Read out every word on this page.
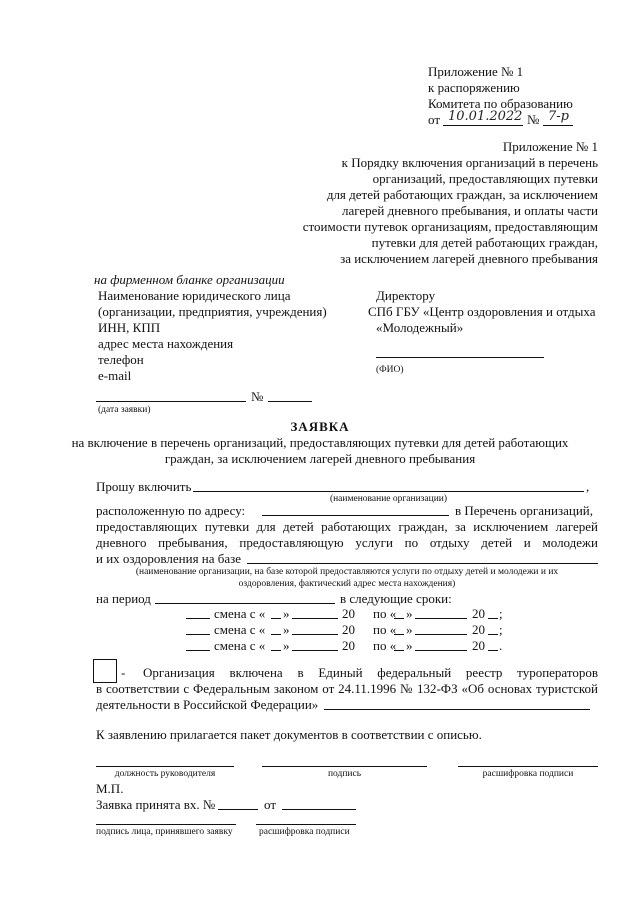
Приложение № 1
к распоряжению
Комитета по образованию
от 10.01.2022 № 7-р
Приложение № 1
к Порядку включения организаций в перечень
организаций, предоставляющих путевки
для детей работающих граждан, за исключением
лагерей дневного пребывания, и оплаты части
стоимости путевок организациям, предоставляющим
путевки для детей работающих граждан,
за исключением лагерей дневного пребывания
на фирменном бланке организации
Наименование юридического лица
(организации, предприятия, учреждения)
ИНН, КПП
адрес места нахождения
телефон
e-mail
Директору
СПб ГБУ «Центр оздоровления и отдыха
«Молодежный»
(ФИО)
№
(дата заявки)
ЗАЯВКА
на включение в перечень организаций, предоставляющих путевки для детей работающих
граждан, за исключением лагерей дневного пребывания
Прошу включить	,
(наименование организации)
расположенную по адресу:	в Перечень организаций,
предоставляющих путевки для детей работающих граждан, за исключением лагерей
дневного пребывания, предоставляющую услуги по отдыху детей и молодежи
и их оздоровления на базе
(наименование организации, на базе которой предоставляются услуги по отдыху детей и молодежи и их
оздоровления, фактический адрес места нахождения)
на период	в следующие сроки:
смена с « »	20 по « »	20 ;
смена с « »	20 по « »	20 ;
смена с « »	20 по « »	20 .
- Организация включена в Единый федеральный реестр туроператоров
в соответствии с Федеральным законом от 24.11.1996 № 132-ФЗ «Об основах туристской
деятельности в Российской Федерации»
К заявлению прилагается пакет документов в соответствии с описью.
должность руководителя	подпись	расшифровка подписи
М.П.
Заявка принята вх. №	от
подпись лица, принявшего заявку	расшифровка подписи
